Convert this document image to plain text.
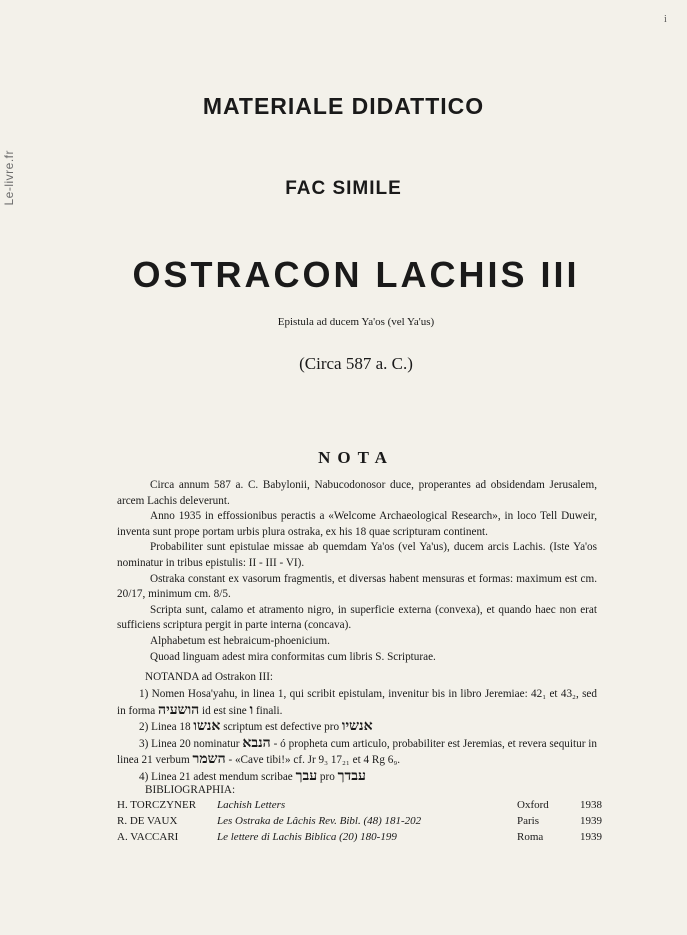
Le-livre.fr
i
MATERIALE DIDATTICO
FAC SIMILE
OSTRACON LACHIS III
Epistula ad ducem Ya'os (vel Ya'us)
(Circa 587 a. C.)
NOTA

Circa annum 587 a. C. Babylonii, Nabucodonosor duce, properantes ad obsidendam Jerusalem, arcem Lachis deleverunt.

Anno 1935 in effossionibus peractis a «Welcome Archaeological Research», in loco Tell Duweir, inventa sunt prope portam urbis plura ostraka, ex his 18 quae scripturam continent.

Probabiliter sunt epistulae missae ab quemdam Ya'os (vel Ya'us), ducem arcis Lachis. (Iste Ya'os nominatur in tribus epistulis: II - III - VI).

Ostraka constant ex vasorum fragmentis, et diversas habent mensuras et formas: maximum est cm. 20/17, minimum cm. 8/5.

Scripta sunt, calamo et atramento nigro, in superficie externa (convexa), et quando haec non erat sufficiens scriptura pergit in parte interna (concava).

Alphabetum est hebraicum-phoenicium.

Quoad linguam adest mira conformitas cum libris S. Scripturae.

NOTANDA ad Ostrakon III:

1) Nomen Hosa'yahu, in linea 1, qui scribit epistulam, invenitur bis in libro Jeremiae: 42₁ et 43₂, sed in forma הושעיה id est sine ו finali.

2) Linea 18 אנשו scriptum est defective pro אנשיו

3) Linea 20 nominatur הנבא - ó propheta cum articulo, probabiliter est Jeremias, et revera sequitur in linea 21 verbum השמר - «Cave tibi!» cf. Jr 9₃ 17₂₁ et 4 Rg 6₉.

4) Linea 21 adest mendum scribae עבך pro עבדך

BIBLIOGRAPHIA:
H. TORCZYNER	Lachish Letters	Oxford	1938
R. DE VAUX	Les Ostraka de Lâchis Rev. Bibl. (48) 181-202	Paris	1939
A. VACCARI	Le lettere di Lachis Biblica (20) 180-199	Roma	1939
